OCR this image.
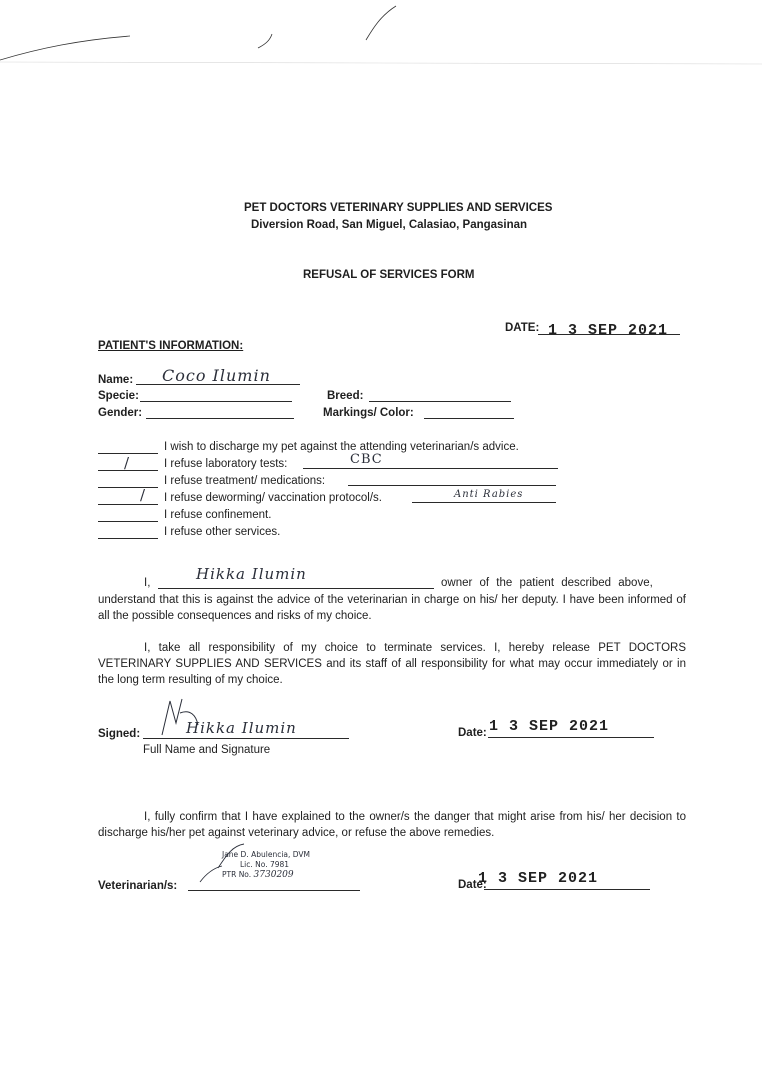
PET DOCTORS VETERINARY SUPPLIES AND SERVICES
Diversion Road, San Miguel, Calasiao, Pangasinan
REFUSAL OF SERVICES FORM
DATE: 1 3 SEP 2021
PATIENT'S INFORMATION:
Name: Coco Ilumin
Specie:	Breed:
Gender:	Markings/ Color:
I wish to discharge my pet against the attending veterinarian/s advice.
/	I refuse laboratory tests:	CBC
I refuse treatment/ medications:
/ I refuse deworming/ vaccination protocol/s.	Anti Rabies
I refuse confinement.
I refuse other services.
I,	Hikka Ilumin	owner of the patient described above,
understand that this is against the advice of the veterinarian in charge on his/ her deputy. I have been informed of all the possible consequences and risks of my choice.
I, take all responsibility of my choice to terminate services. I, hereby release PET DOCTORS VETERINARY SUPPLIES AND SERVICES and its staff of all responsibility for what may occur immediately or in the long term resulting of my choice.
Signed:	Hikka Ilumin
Full Name and Signature
Date: 1 3 SEP 2021
I, fully confirm that I have explained to the owner/s the danger that might arise from his/ her decision to discharge his/her pet against veterinary advice, or refuse the above remedies.
Veterinarian/s:
Jane D. Abulencia, DVM
Lic. No. 7981
PTR No. 3730209
Date:
1 3 SEP 2021
